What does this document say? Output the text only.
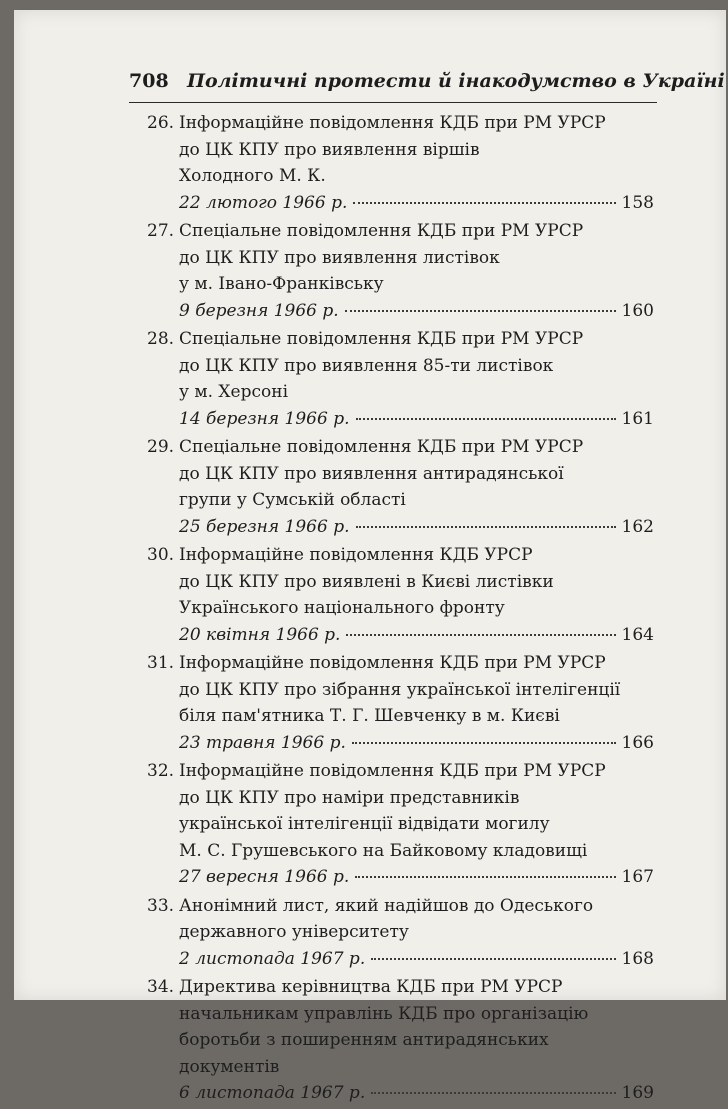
708 Політичні протести й інакодумство в Україні
26. Інформаційне повідомлення КДБ при РМ УРСР
до ЦК КПУ про виявлення віршів
Холодного М. К.
22 лютого 1966 р.	158
27. Спеціальне повідомлення КДБ при РМ УРСР
до ЦК КПУ про виявлення листівок
у м. Івано-Франківську
9 березня 1966 р.	160
28. Спеціальне повідомлення КДБ при РМ УРСР
до ЦК КПУ про виявлення 85-ти листівок
у м. Херсоні
14 березня 1966 р.	161
29. Спеціальне повідомлення КДБ при РМ УРСР
до ЦК КПУ про виявлення антирадянської
групи у Сумській області
25 березня 1966 р.	162
30. Інформаційне повідомлення КДБ УРСР
до ЦК КПУ про виявлені в Києві листівки
Українського національного фронту
20 квітня 1966 р.	164
31. Інформаційне повідомлення КДБ при РМ УРСР
до ЦК КПУ про зібрання української інтелігенції
біля пам'ятника Т. Г. Шевченку в м. Києві
23 травня 1966 р.	166
32. Інформаційне повідомлення КДБ при РМ УРСР
до ЦК КПУ про наміри представників
української інтелігенції відвідати могилу
М. С. Грушевського на Байковому кладовищі
27 вересня 1966 р.	167
33. Анонімний лист, який надійшов до Одеського
державного університету
2 листопада 1967 р.	168
34. Директива керівництва КДБ при РМ УРСР
начальникам управлінь КДБ про організацію
боротьби з поширенням антирадянських
документів
6 листопада 1967 р.	169
